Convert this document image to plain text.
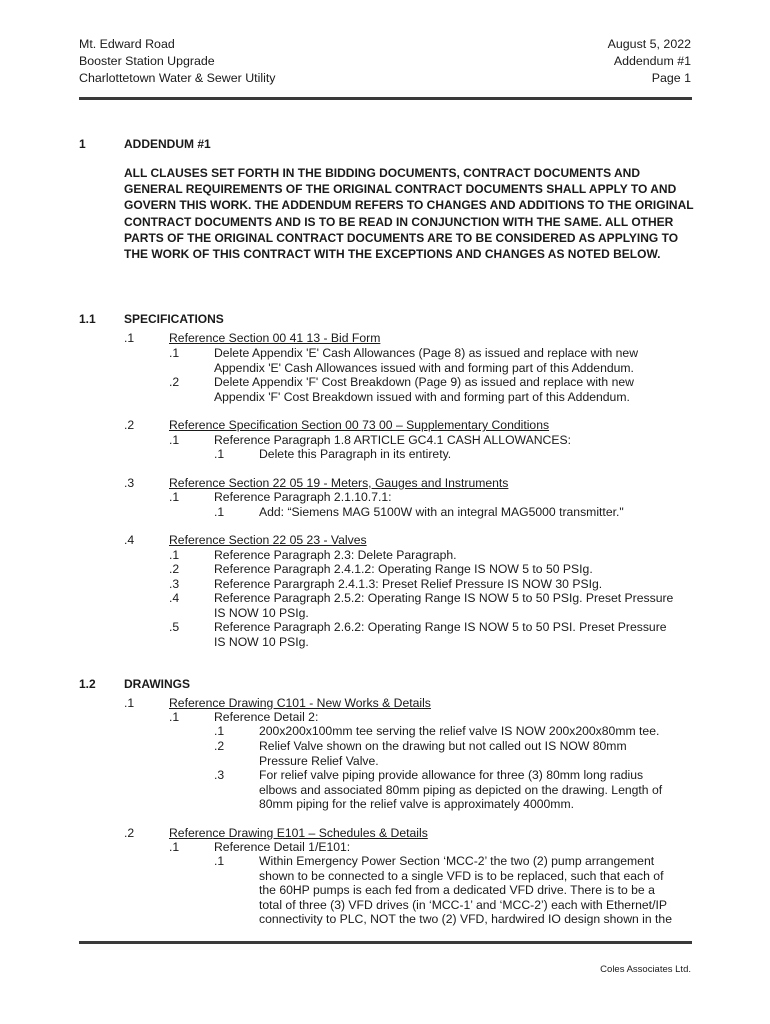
Mt. Edward Road
Booster Station Upgrade
Charlottetown Water & Sewer Utility
August 5, 2022
Addendum #1
Page 1
1	ADDENDUM #1
ALL CLAUSES SET FORTH IN THE BIDDING DOCUMENTS, CONTRACT DOCUMENTS AND GENERAL REQUIREMENTS OF THE ORIGINAL CONTRACT DOCUMENTS SHALL APPLY TO AND GOVERN THIS WORK. THE ADDENDUM REFERS TO CHANGES AND ADDITIONS TO THE ORIGINAL CONTRACT DOCUMENTS AND IS TO BE READ IN CONJUNCTION WITH THE SAME. ALL OTHER PARTS OF THE ORIGINAL CONTRACT DOCUMENTS ARE TO BE CONSIDERED AS APPLYING TO THE WORK OF THIS CONTRACT WITH THE EXCEPTIONS AND CHANGES AS NOTED BELOW.
1.1 SPECIFICATIONS
.1	Reference Section 00 41 13 - Bid Form
.1	Delete Appendix 'E' Cash Allowances (Page 8) as issued and replace with new
Appendix 'E' Cash Allowances issued with and forming part of this Addendum.
.2	Delete Appendix 'F' Cost Breakdown (Page 9) as issued and replace with new
Appendix 'F' Cost Breakdown issued with and forming part of this Addendum.
.2	Reference Specification Section 00 73 00 – Supplementary Conditions
.1	Reference Paragraph 1.8 ARTICLE GC4.1 CASH ALLOWANCES:
.1	Delete this Paragraph in its entirety.
.3	Reference Section 22 05 19 - Meters, Gauges and Instruments
.1	Reference Paragraph 2.1.10.7.1:
.1	Add: “Siemens MAG 5100W with an integral MAG5000 transmitter."
.4	Reference Section 22 05 23 - Valves
.1	Reference Paragraph 2.3: Delete Paragraph.
.2	Reference Paragraph 2.4.1.2: Operating Range IS NOW 5 to 50 PSIg.
.3	Reference Parargraph 2.4.1.3: Preset Relief Pressure IS NOW 30 PSIg.
.4	Reference Paragraph 2.5.2: Operating Range IS NOW 5 to 50 PSIg. Preset Pressure
IS NOW 10 PSIg.
.5	Reference Paragraph 2.6.2: Operating Range IS NOW 5 to 50 PSI. Preset Pressure
IS NOW 10 PSIg.
1.2 DRAWINGS
.1	Reference Drawing C101 - New Works & Details
.1	Reference Detail 2:
.1	200x200x100mm tee serving the relief valve IS NOW 200x200x80mm tee.
.2	Relief Valve shown on the drawing but not called out IS NOW 80mm
Pressure Relief Valve.
.3	For relief valve piping provide allowance for three (3) 80mm long radius
elbows and associated 80mm piping as depicted on the drawing. Length of
80mm piping for the relief valve is approximately 4000mm.
.2	Reference Drawing E101 – Schedules & Details
.1	Reference Detail 1/E101:
.1	Within Emergency Power Section ‘MCC-2’ the two (2) pump arrangement
shown to be connected to a single VFD is to be replaced, such that each of
the 60HP pumps is each fed from a dedicated VFD drive. There is to be a
total of three (3) VFD drives (in ‘MCC-1’ and ‘MCC-2’) each with Ethernet/IP
connectivity to PLC, NOT the two (2) VFD, hardwired IO design shown in the
Coles Associates Ltd.
